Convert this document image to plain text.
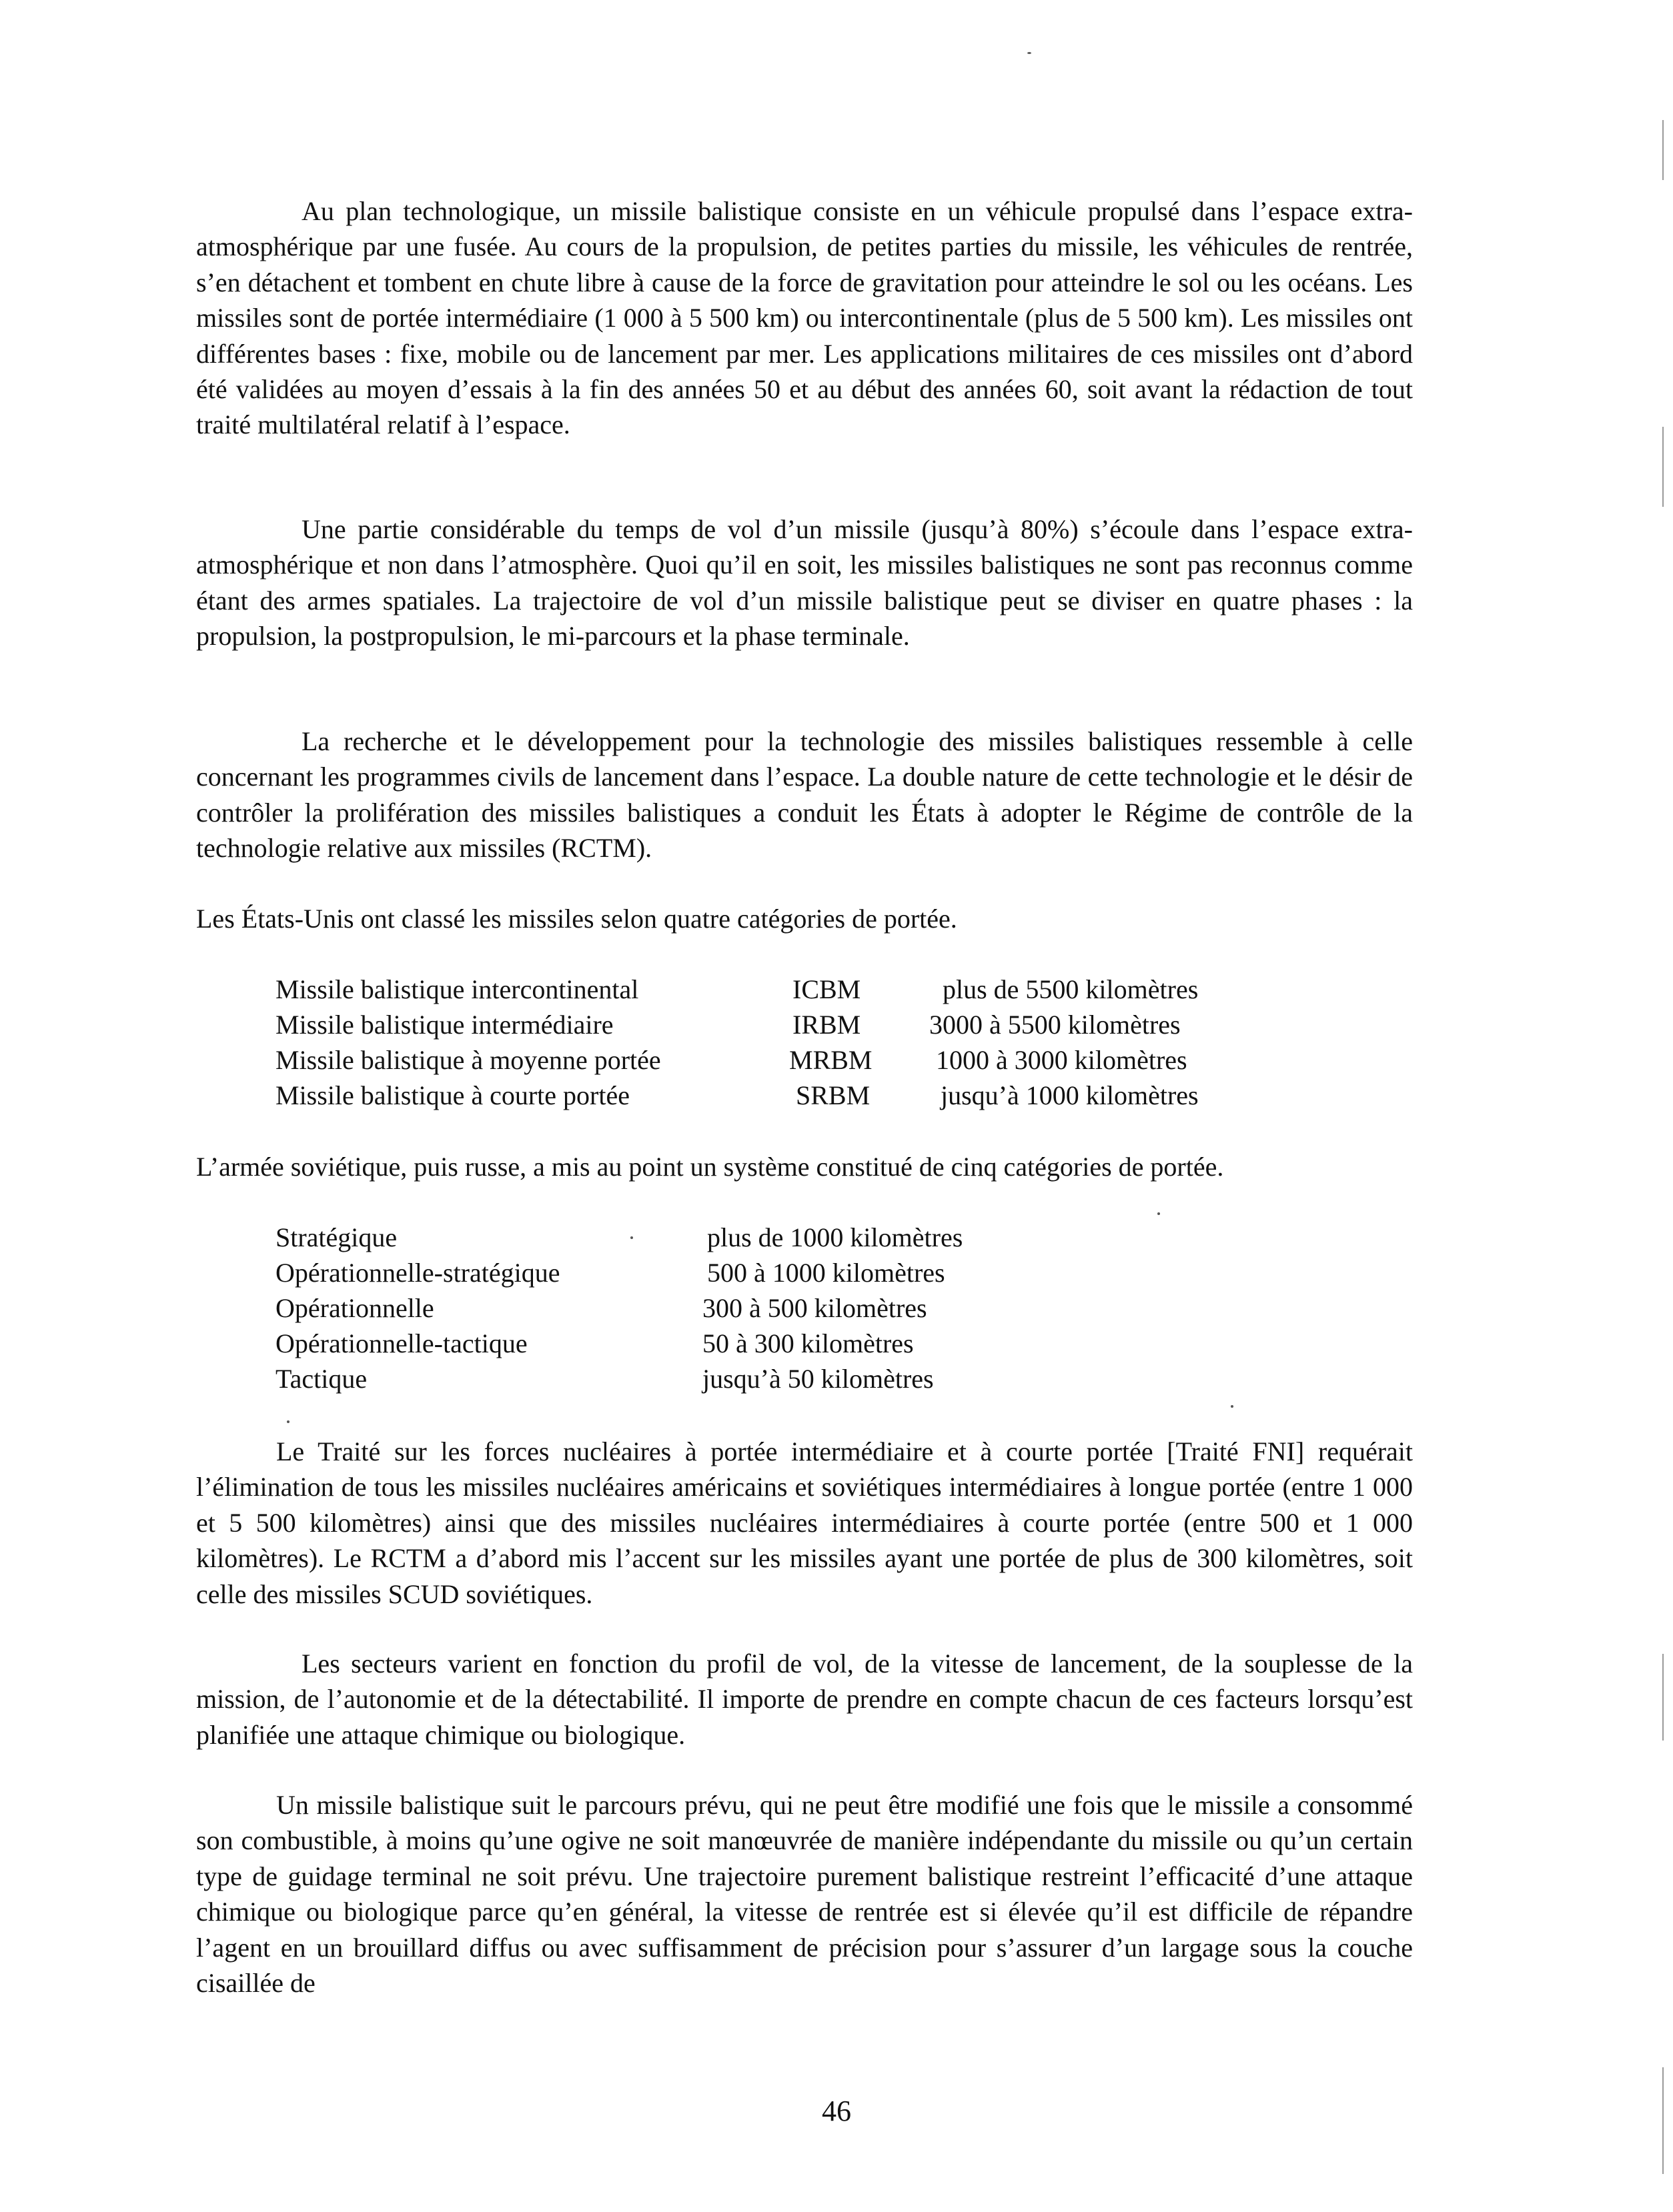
Au plan technologique, un missile balistique consiste en un véhicule propulsé dans l’espace extra-atmosphérique par une fusée. Au cours de la propulsion, de petites parties du missile, les véhicules de rentrée, s’en détachent et tombent en chute libre à cause de la force de gravitation pour atteindre le sol ou les océans. Les missiles sont de portée intermédiaire (1 000 à 5 500 km) ou intercontinentale (plus de 5 500 km). Les missiles ont différentes bases : fixe, mobile ou de lancement par mer. Les applications militaires de ces missiles ont d’abord été validées au moyen d’essais à la fin des années 50 et au début des années 60, soit avant la rédaction de tout traité multilatéral relatif à l’espace.

Une partie considérable du temps de vol d’un missile (jusqu’à 80%) s’écoule dans l’espace extra-atmosphérique et non dans l’atmosphère. Quoi qu’il en soit, les missiles balistiques ne sont pas reconnus comme étant des armes spatiales. La trajectoire de vol d’un missile balistique peut se diviser en quatre phases : la propulsion, la postpropulsion, le mi-parcours et la phase terminale.

La recherche et le développement pour la technologie des missiles balistiques ressemble à celle concernant les programmes civils de lancement dans l’espace. La double nature de cette technologie et le désir de contrôler la prolifération des missiles balistiques a conduit les États à adopter le Régime de contrôle de la technologie relative aux missiles (RCTM).

Les États-Unis ont classé les missiles selon quatre catégories de portée.

Missile balistique intercontinental	ICBM	plus de 5500 kilomètres
Missile balistique intermédiaire	IRBM	3000 à 5500 kilomètres
Missile balistique à moyenne portée	MRBM 1000 à 3000 kilomètres
Missile balistique à courte portée	SRBM	jusqu’à 1000 kilomètres

L’armée soviétique, puis russe, a mis au point un système constitué de cinq catégories de portée.

Stratégique	plus de 1000 kilomètres
Opérationnelle-stratégique	500 à 1000 kilomètres
Opérationnelle	300 à 500 kilomètres
Opérationnelle-tactique	50 à 300 kilomètres
Tactique	jusqu’à 50 kilomètres

Le Traité sur les forces nucléaires à portée intermédiaire et à courte portée [Traité FNI] requérait l’élimination de tous les missiles nucléaires américains et soviétiques intermédiaires à longue portée (entre 1 000 et 5 500 kilomètres) ainsi que des missiles nucléaires intermédiaires à courte portée (entre 500 et 1 000 kilomètres). Le RCTM a d’abord mis l’accent sur les missiles ayant une portée de plus de 300 kilomètres, soit celle des missiles SCUD soviétiques.

Les secteurs varient en fonction du profil de vol, de la vitesse de lancement, de la souplesse de la mission, de l’autonomie et de la détectabilité. Il importe de prendre en compte chacun de ces facteurs lorsqu’est planifiée une attaque chimique ou biologique.

Un missile balistique suit le parcours prévu, qui ne peut être modifié une fois que le missile a consommé son combustible, à moins qu’une ogive ne soit manœuvrée de manière indépendante du missile ou qu’un certain type de guidage terminal ne soit prévu. Une trajectoire purement balistique restreint l’efficacité d’une attaque chimique ou biologique parce qu’en général, la vitesse de rentrée est si élevée qu’il est difficile de répandre l’agent en un brouillard diffus ou avec suffisamment de précision pour s’assurer d’un largage sous la couche cisaillée de

46
